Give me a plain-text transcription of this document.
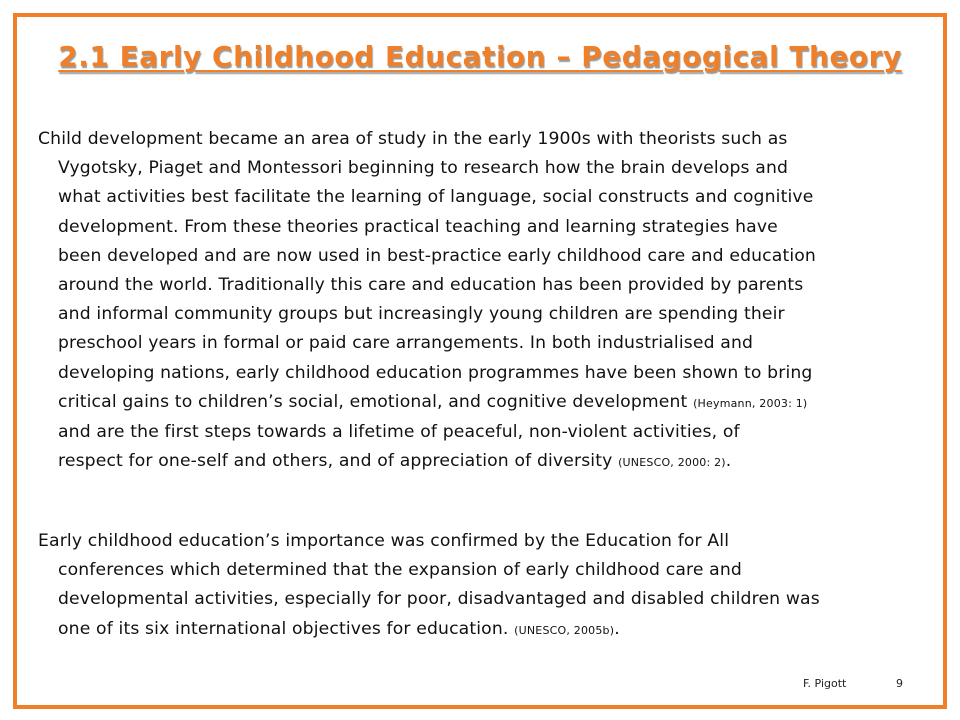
2.1 Early Childhood Education – Pedagogical Theory
Child development became an area of study in the early 1900s with theorists such as
Vygotsky, Piaget and Montessori beginning to research how the brain develops and
what activities best facilitate the learning of language, social constructs and cognitive
development. From these theories practical teaching and learning strategies have
been developed and are now used in best-practice early childhood care and education
around the world. Traditionally this care and education has been provided by parents
and informal community groups but increasingly young children are spending their
preschool years in formal or paid care arrangements. In both industrialised and
developing nations, early childhood education programmes have been shown to bring
critical gains to children’s social, emotional, and cognitive development (Heymann, 2003: 1)
and are the first steps towards a lifetime of peaceful, non-violent activities, of
respect for one-self and others, and of appreciation of diversity (UNESCO, 2000: 2).
Early childhood education’s importance was confirmed by the Education for All
conferences which determined that the expansion of early childhood care and
developmental activities, especially for poor, disadvantaged and disabled children was
one of its six international objectives for education. (UNESCO, 2005b).
F. Pigott	9
